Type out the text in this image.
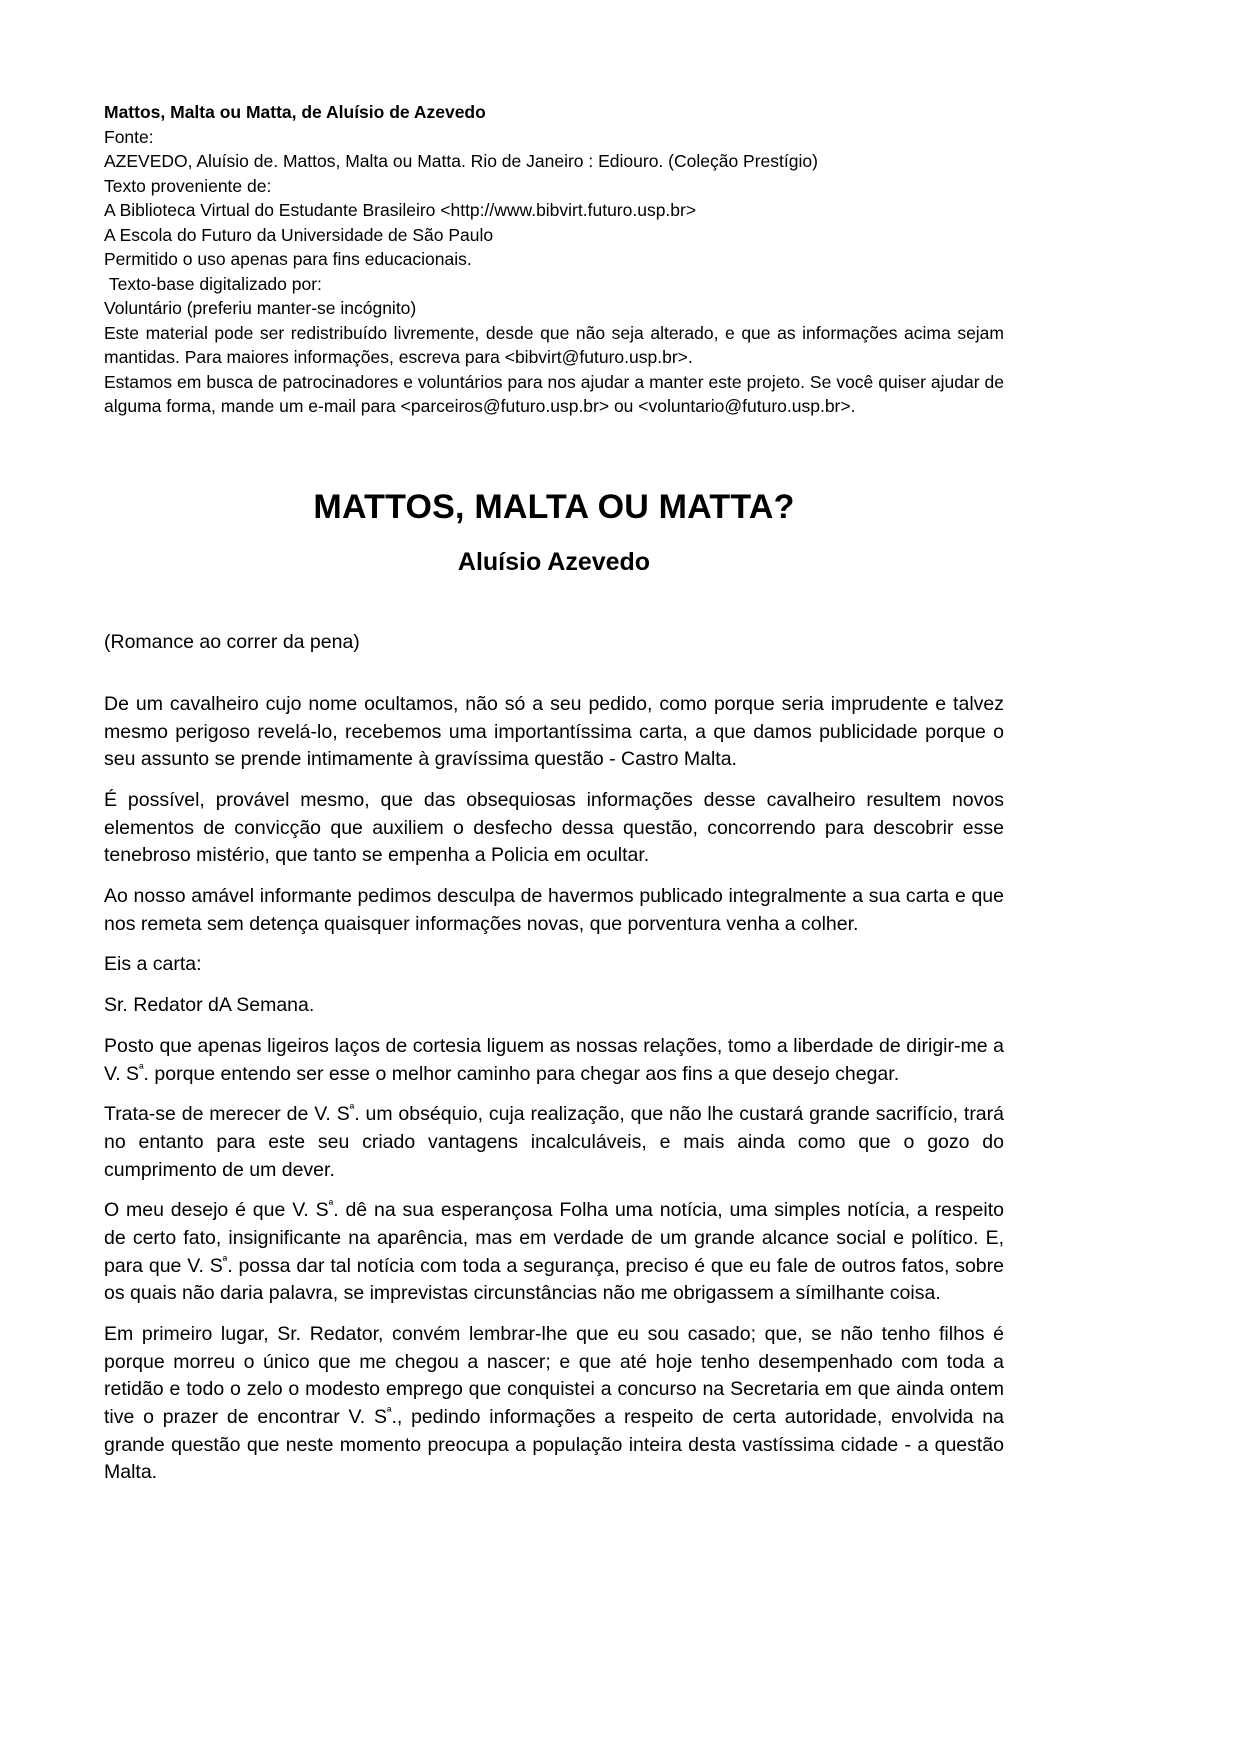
Mattos, Malta ou Matta, de Aluísio de Azevedo
Fonte:
AZEVEDO, Aluísio de. Mattos, Malta ou Matta. Rio de Janeiro : Ediouro. (Coleção Prestígio)
Texto proveniente de:
A Biblioteca Virtual do Estudante Brasileiro <http://www.bibvirt.futuro.usp.br>
A Escola do Futuro da Universidade de São Paulo
Permitido o uso apenas para fins educacionais.
Texto-base digitalizado por:
Voluntário (preferiu manter-se incógnito)
Este material pode ser redistribuído livremente, desde que não seja alterado, e que as informações acima sejam mantidas. Para maiores informações, escreva para <bibvirt@futuro.usp.br>.
Estamos em busca de patrocinadores e voluntários para nos ajudar a manter este projeto. Se você quiser ajudar de alguma forma, mande um e-mail para <parceiros@futuro.usp.br> ou <voluntario@futuro.usp.br>.
MATTOS, MALTA OU MATTA?
Aluísio Azevedo

(Romance ao correr da pena)

De um cavalheiro cujo nome ocultamos, não só a seu pedido, como porque seria imprudente e talvez mesmo perigoso revelá-lo, recebemos uma importantíssima carta, a que damos publicidade porque o seu assunto se prende intimamente à gravíssima questão - Castro Malta.

É possível, provável mesmo, que das obsequiosas informações desse cavalheiro resultem novos elementos de convicção que auxiliem o desfecho dessa questão, concorrendo para descobrir esse tenebroso mistério, que tanto se empenha a Policia em ocultar.

Ao nosso amável informante pedimos desculpa de havermos publicado integralmente a sua carta e que nos remeta sem detença quaisquer informações novas, que porventura venha a colher.

Eis a carta:

Sr. Redator dA Semana.

Posto que apenas ligeiros laços de cortesia liguem as nossas relações, tomo a liberdade de dirigir-me a V. $S^ª$. porque entendo ser esse o melhor caminho para chegar aos fins a que desejo chegar.

Trata-se de merecer de V. $S^ª$. um obséquio, cuja realização, que não lhe custará grande sacrifício, trará no entanto para este seu criado vantagens incalculáveis, e mais ainda como que o gozo do cumprimento de um dever.

O meu desejo é que V. $S^ª$. dê na sua esperançosa Folha uma notícia, uma simples notícia, a respeito de certo fato, insignificante na aparência, mas em verdade de um grande alcance social e político. E, para que V. $S^ª$. possa dar tal notícia com toda a segurança, preciso é que eu fale de outros fatos, sobre os quais não daria palavra, se imprevistas circunstâncias não me obrigassem a símilhante coisa.

Em primeiro lugar, Sr. Redator, convém lembrar-lhe que eu sou casado; que, se não tenho filhos é porque morreu o único que me chegou a nascer; e que até hoje tenho desempenhado com toda a retidão e todo o zelo o modesto emprego que conquistei a concurso na Secretaria em que ainda ontem tive o prazer de encontrar V. $S^ª$., pedindo informações a respeito de certa autoridade, envolvida na grande questão que neste momento preocupa a população inteira desta vastíssima cidade - a questão Malta.
